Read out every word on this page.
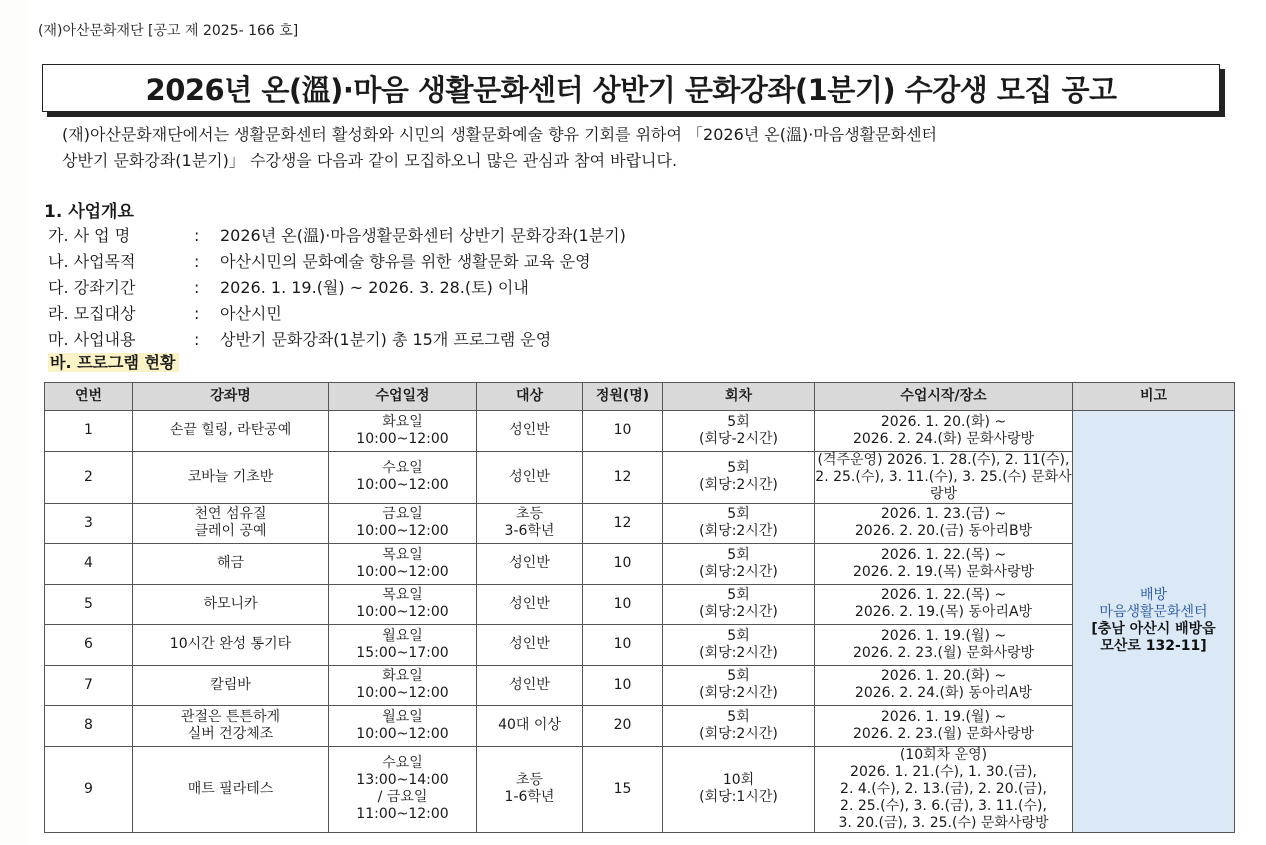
(재)아산문화재단 [공고 제 2025- 166 호]
2026년 온(溫)·마음 생활문화센터 상반기 문화강좌(1분기) 수강생 모집 공고

(재)아산문화재단에서는 생활문화센터 활성화와 시민의 생활문화예술 향유 기회를 위하여 「2026년 온(溫)·마음생활문화센터

상반기 문화강좌(1분기)」 수강생을 다음과 같이 모집하오니 많은 관심과 참여 바랍니다.

1. 사업개요
가. 사 업 명	:	2026년 온(溫)·마음생활문화센터 상반기 문화강좌(1분기)
나. 사업목적	:	아산시민의 문화예술 향유를 위한 생활문화 교육 운영
다. 강좌기간	:	2026. 1. 19.(월) ~ 2026. 3. 28.(토) 이내
라. 모집대상	:	아산시민
마. 사업내용	:	상반기 문화강좌(1분기) 총 15개 프로그램 운영
바. 프로그램 현황
연번	강좌명	수업일정	대상	정원(명)	회차	수업시작/장소	비고
1	손끝 힐링, 라탄공예	화요일
10:00~12:00	성인반	10	5회
(회당-2시간)	2026. 1. 20.(화) ~
2026. 2. 24.(화) 문화사랑방	배방
마음생활문화센터
[충남 아산시 배방읍
모산로 132-11]

2	코바늘 기초반	수요일
10:00~12:00	성인반	12	5회
(회당:2시간)	(격주운영) 2026. 1. 28.(수), 2. 11(수),
2. 25.(수), 3. 11.(수), 3. 25.(수) 문화사랑방	

3	천연 섬유질
클레이 공예	금요일
10:00~12:00	초등
3-6학년	12	5회
(회당:2시간)	2026. 1. 23.(금) ~
2026. 2. 20.(금) 동아리B방	

4	해금	목요일
10:00~12:00	성인반	10	5회
(회당:2시간)	2026. 1. 22.(목) ~
2026. 2. 19.(목) 문화사랑방	

5	하모니카	목요일
10:00~12:00	성인반	10	5회
(회당:2시간)	2026. 1. 22.(목) ~
2026. 2. 19.(목) 동아리A방	

6	10시간 완성 통기타	월요일
15:00~17:00	성인반	10	5회
(회당:2시간)	2026. 1. 19.(월) ~
2026. 2. 23.(월) 문화사랑방	

7	칼림바	화요일
10:00~12:00	성인반	10	5회
(회당:2시간)	2026. 1. 20.(화) ~
2026. 2. 24.(화) 동아리A방	

8	관절은 튼튼하게
실버 건강체조	월요일
10:00~12:00	40대 이상	20	5회
(회당:2시간)	2026. 1. 19.(월) ~
2026. 2. 23.(월) 문화사랑방	

9	매트 필라테스	수요일
13:00~14:00
/ 금요일
11:00~12:00	초등
1-6학년	15	10회
(회당:1시간)	(10회차 운영)
2026. 1. 21.(수), 1. 30.(금),
2. 4.(수), 2. 13.(금), 2. 20.(금),
2. 25.(수), 3. 6.(금), 3. 11.(수),
3. 20.(금), 3. 25.(수) 문화사랑방	
